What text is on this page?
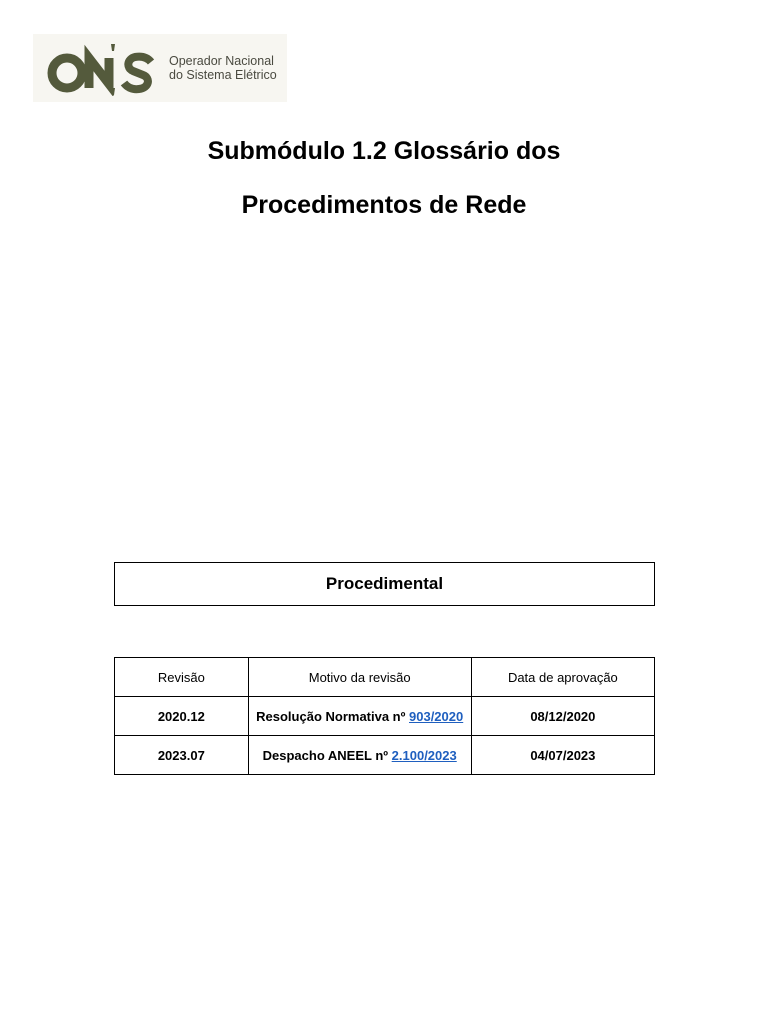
Operador Nacional
do Sistema Elétrico
Submódulo 1.2 Glossário dos
Procedimentos de Rede
Procedimental
Revisão	Motivo da revisão	Data de aprovação
2020.12	Resolução Normativa nº 903/2020	08/12/2020
2023.07	Despacho ANEEL nº 2.100/2023	04/07/2023
